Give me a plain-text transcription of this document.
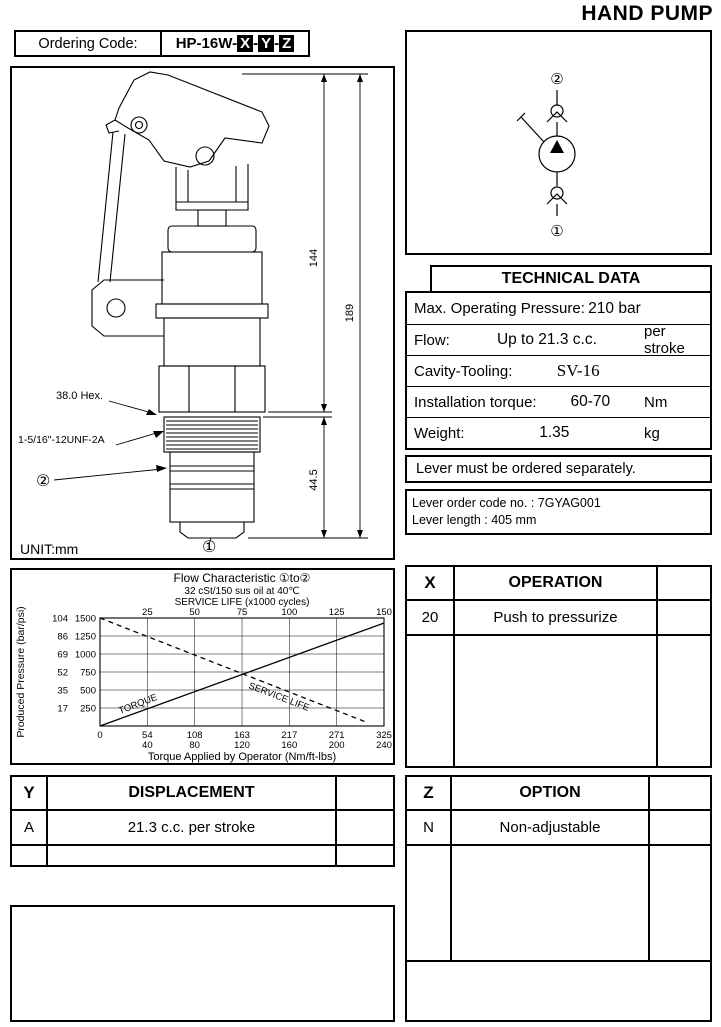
HAND PUMP
Ordering Code:	HP-16W- X - Y - Z
144
189
44.5
38.0 Hex.
1-5/16"-12UNF-2A
②
①
UNIT:mm
②
①
TECHNICAL DATA
Max. Operating Pressure: 210 bar
Flow:	Up to 21.3 c.c.	per stroke
Cavity-Tooling:	SV-16
Installation torque:	60-70	Nm
Weight:	1.35	kg
Lever must be ordered separately.
Lever order code no. : 7GYAG001
Lever length : 405 mm
Flow Characteristic ①to②
32 cSt/150 sus oil at 40℃
SERVICE LIFE (x1000 cycles)
25	50	75	100	125	150
104 1500
86 1250
69 1000
52 750
35 500
17 250
0	54
40
108
80
163
120
217
160
271
200
325
240
Torque Applied by Operator (Nm/ft-lbs)
Produced Pressure (bar/psi)	TORQUE	SERVICE LIFE
X	OPERATION
20	Push to pressurize
Y	DISPLACEMENT
A	21.3 c.c. per stroke
Z	OPTION
N	Non-adjustable
